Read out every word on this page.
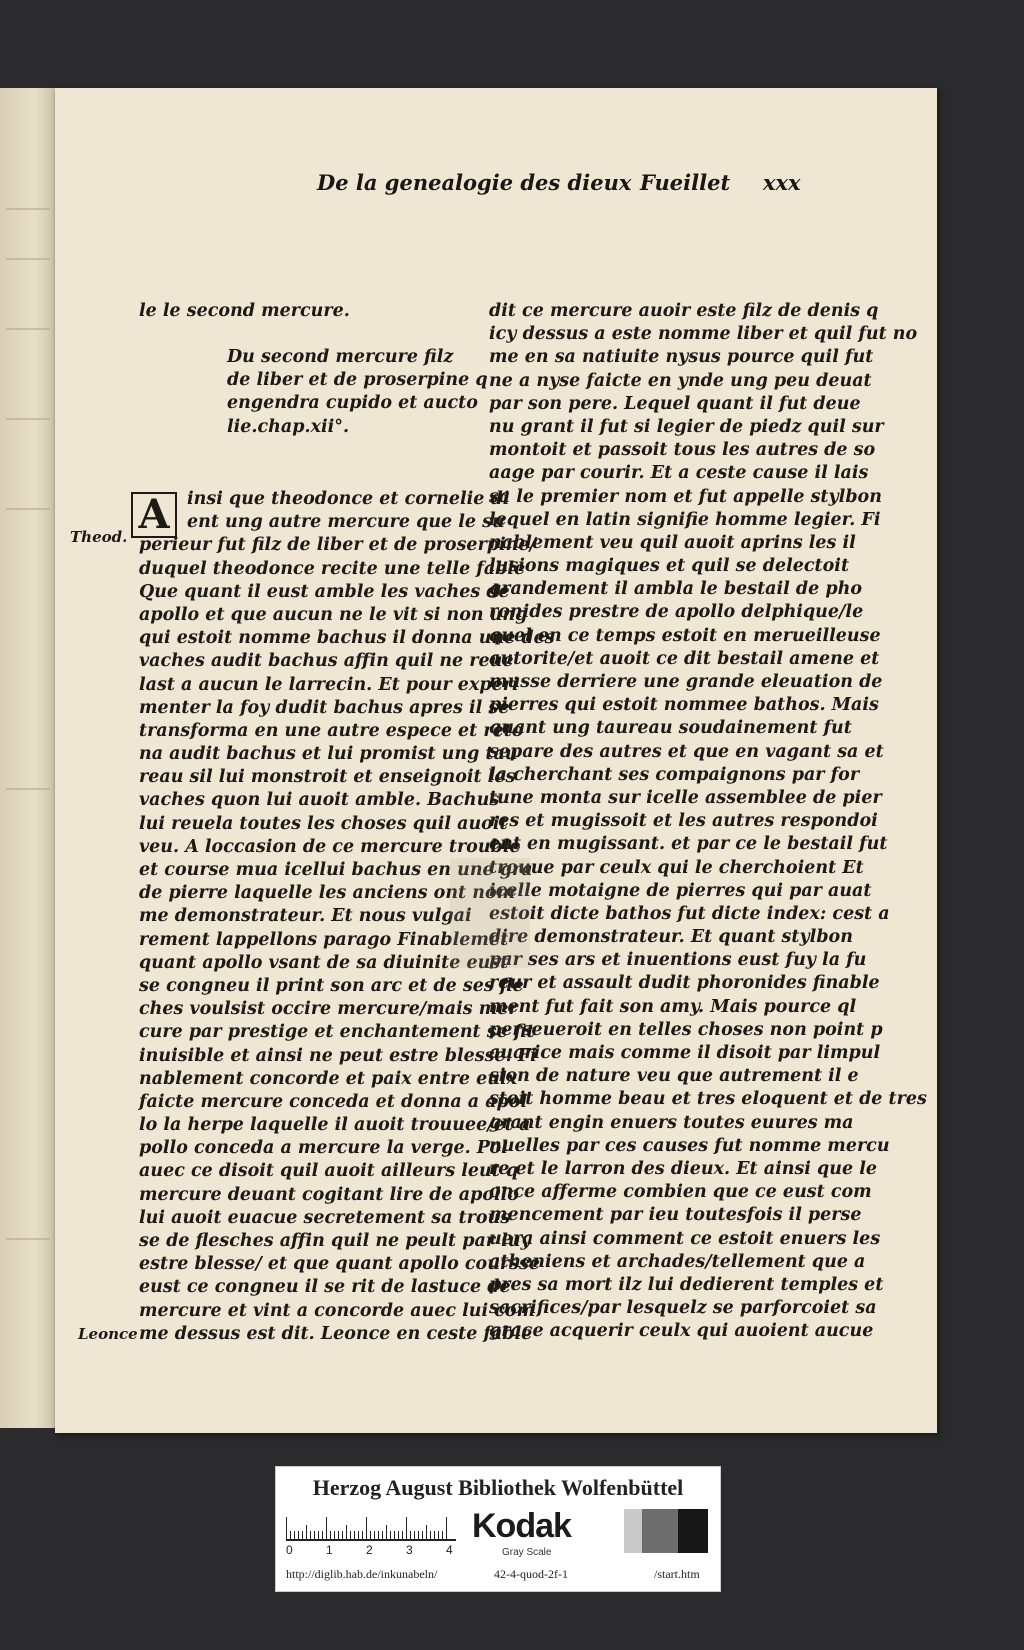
De la genealogie des dieux Fueillet xxx
le le second mercure.
Du second mercure filz
de liber et de proserpine q
engendra cupido et aucto
lie.chap.xii°.
A
Theod.
Leonce
insi que theodonce et cornelie di
ent ung autre mercure que le su
perieur fut filz de liber et de proserpine/
duquel theodonce recite une telle fable
Que quant il eust amble les vaches de
apollo et que aucun ne le vit si non ung
qui estoit nomme bachus il donna une des
vaches audit bachus affin quil ne reue
last a aucun le larrecin. Et pour experi
menter la foy dudit bachus apres il se
transforma en une autre espece et reto
na audit bachus et lui promist ung tau
reau sil lui monstroit et enseignoit les
vaches quon lui auoit amble. Bachus
lui reuela toutes les choses quil auoit
veu. A loccasion de ce mercure trouble
et course mua icellui bachus en une gra
de pierre laquelle les anciens ont nom
me demonstrateur. Et nous vulgai
rement lappellons parago Finablemet
quant apollo vsant de sa diuinite eust
se congneu il print son arc et de ses fle
ches voulsist occire mercure/mais mer
cure par prestige et enchantement se fit
inuisible et ainsi ne peut estre blesse. Fi
nablement concorde et paix entre eulx
faicte mercure conceda et donna a apol
lo la herpe laquelle il auoit trouuee/et a
pollo conceda a mercure la verge. Pol
auec ce disoit quil auoit ailleurs leut q
mercure deuant cogitant lire de apollo
lui auoit euacue secretement sa trous
se de flesches affin quil ne peult par luy
estre blesse/ et que quant apollo coursse
eust ce congneu il se rit de lastuce de
mercure et vint a concorde auec lui com
me dessus est dit. Leonce en ceste fable
dit ce mercure auoir este filz de denis q
icy dessus a este nomme liber et quil fut no
me en sa natiuite nysus pource quil fut
ne a nyse faicte en ynde ung peu deuat
par son pere. Lequel quant il fut deue
nu grant il fut si legier de piedz quil sur
montoit et passoit tous les autres de so
aage par courir. Et a ceste cause il lais
sa le premier nom et fut appelle stylbon
lequel en latin signifie homme legier. Fi
nablement veu quil auoit aprins les il
lusions magiques et quil se delectoit
grandement il ambla le bestail de pho
ronides prestre de apollo delphique/le
quel en ce temps estoit en merueilleuse
autorite/et auoit ce dit bestail amene et
musse derriere une grande eleuation de
pierres qui estoit nommee bathos. Mais
quant ung taureau soudainement fut
separe des autres et que en vagant sa et
la cherchant ses compaignons par for
tune monta sur icelle assemblee de pier
res et mugissoit et les autres respondoi
ent en mugissant. et par ce le bestail fut
trouue par ceulx qui le cherchoient Et
icelle motaigne de pierres qui par auat
estoit dicte bathos fut dicte index: cest a
dire demonstrateur. Et quant stylbon
par ses ars et inuentions eust fuy la fu
reur et assault dudit phoronides finable
ment fut fait son amy. Mais pource ql
perseueroit en telles choses non point p
auarice mais comme il disoit par limpul
sion de nature veu que autrement il e
stoit homme beau et tres eloquent et de tres
grant engin enuers toutes euures ma
nuelles par ces causes fut nomme mercu
re et le larron des dieux. Et ainsi que le
once afferme combien que ce eust com
mencement par ieu toutesfois il perse
uera ainsi comment ce estoit enuers les
atheniens et archades/tellement que a
pres sa mort ilz lui dedierent temples et
sacrifices/par lesquelz se parforcoiet sa
grace acquerir ceulx qui auoient aucue
Herzog August Bibliothek Wolfenbüttel
0	1	2	3	4
Kodak
Gray Scale
http://diglib.hab.de/inkunabeln/	42-4-quod-2f-1	/start.htm
